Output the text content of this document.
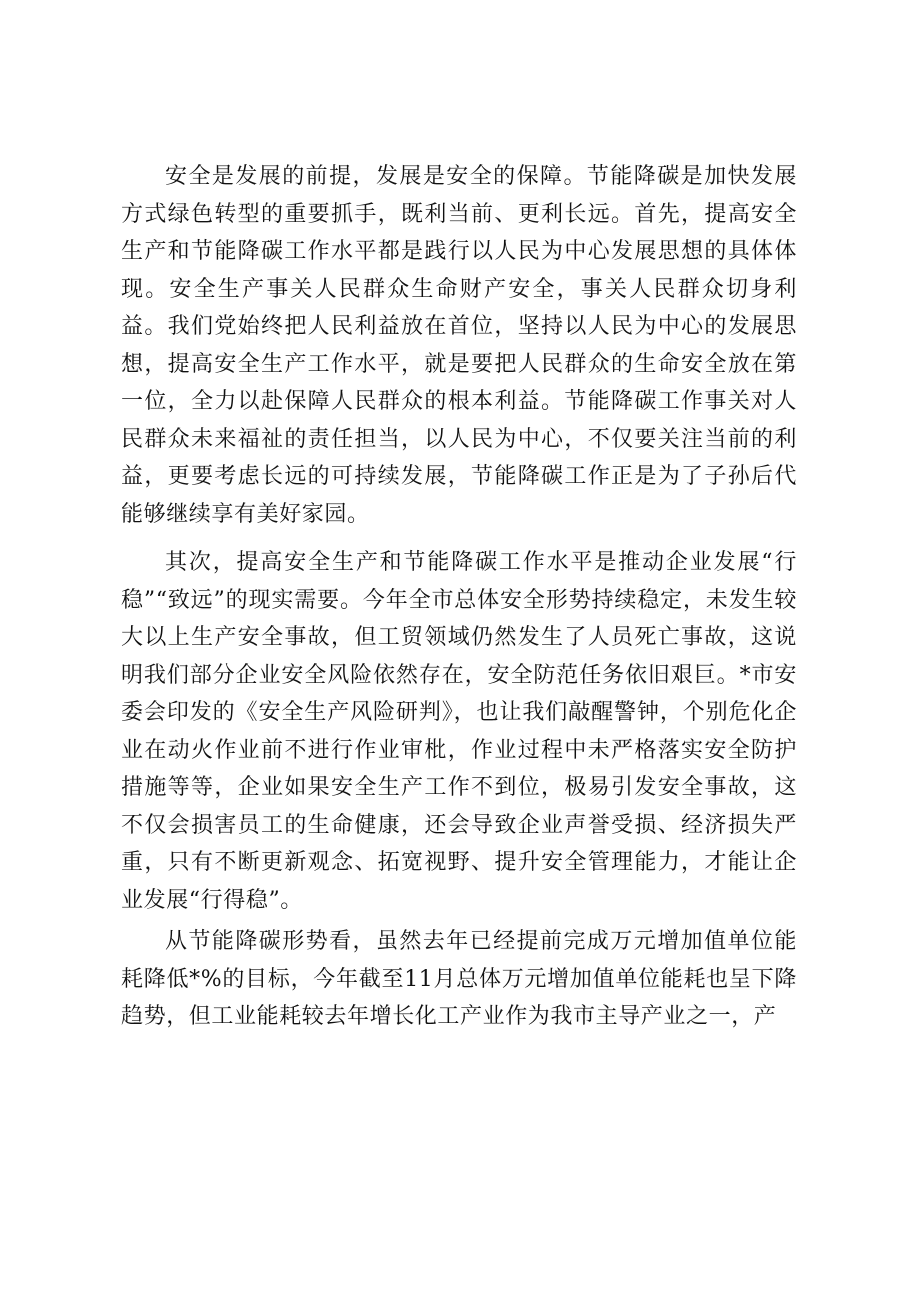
安全是发展的前提，发展是安全的保障。节能降碳是加快发展方式绿色转型的重要抓手，既利当前、更利长远。首先，提高安全生产和节能降碳工作水平都是践行以人民为中心发展思想的具体体现。安全生产事关人民群众生命财产安全，事关人民群众切身利益。我们党始终把人民利益放在首位，坚持以人民为中心的发展思想，提高安全生产工作水平，就是要把人民群众的生命安全放在第一位，全力以赴保障人民群众的根本利益。节能降碳工作事关对人民群众未来福祉的责任担当，以人民为中心，不仅要关注当前的利益，更要考虑长远的可持续发展，节能降碳工作正是为了子孙后代能够继续享有美好家园。

其次，提高安全生产和节能降碳工作水平是推动企业发展“行稳”“致远”的现实需要。今年全市总体安全形势持续稳定，未发生较大以上生产安全事故，但工贸领域仍然发生了人员死亡事故，这说明我们部分企业安全风险依然存在，安全防范任务依旧艰巨。*市安委会印发的《安全生产风险研判》，也让我们敲醒警钟，个别危化企业在动火作业前不进行作业审枇，作业过程中未严格落实安全防护措施等等，企业如果安全生产工作不到位，极易引发安全事故，这不仅会损害员工的生命健康，还会导致企业声誉受损、经济损失严重，只有不断更新观念、拓宽视野、提升安全管理能力，才能让企业发展“行得稳”。

从节能降碳形势看，虽然去年已经提前完成万元增加值单位能耗降低*%的目标，今年截至11月总体万元增加值单位能耗也呈下降趋势，但工业能耗较去年增长化工产业作为我市主导产业之一，产
